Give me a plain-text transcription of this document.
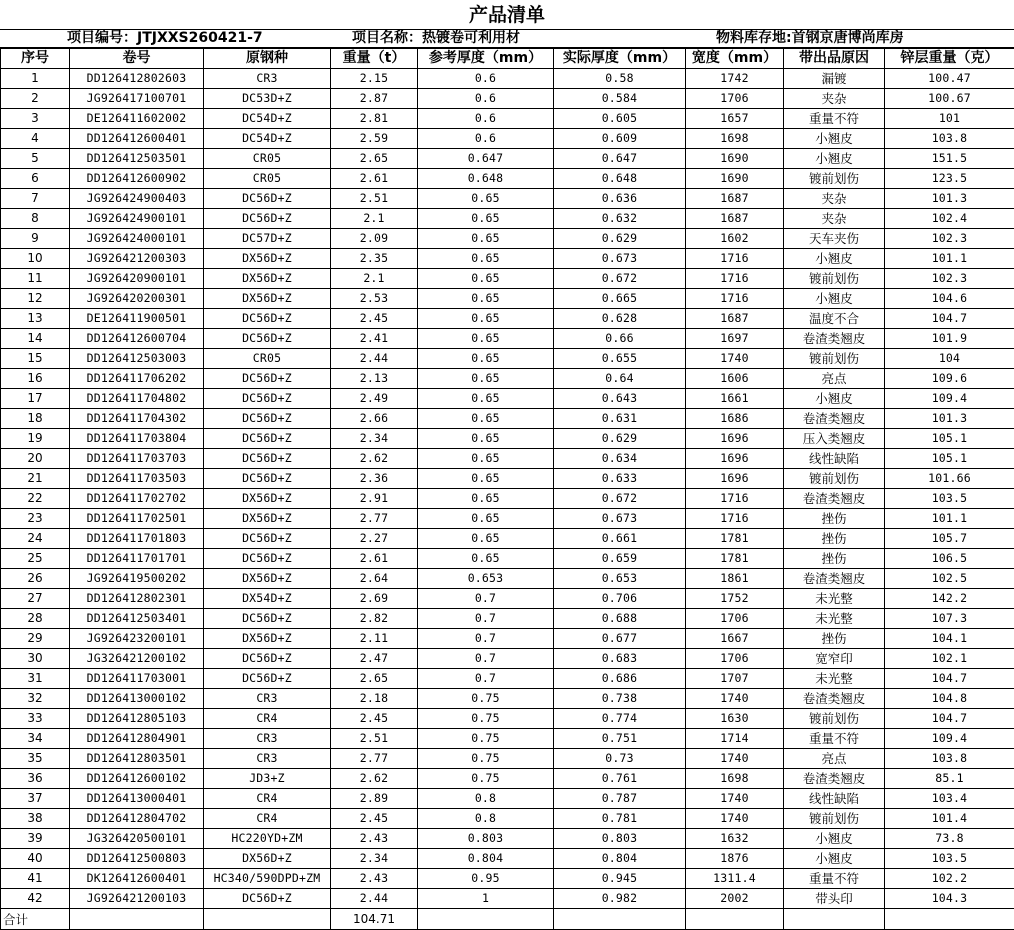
产品清单
项目编号：JTJXXS260421-7	项目名称：热镀卷可利用材	物料库存地:首钢京唐博尚库房
序号	卷号	原钢种	重量（t）	参考厚度（mm）	实际厚度（mm）	宽度（mm）	带出品原因	锌层重量（克）
1	DD126412802603	CR3	2.15	0.6	0.58	1742	漏镀	100.47
2	JG926417100701	DC53D+Z	2.87	0.6	0.584	1706	夹杂	100.67
3	DE126411602002	DC54D+Z	2.81	0.6	0.605	1657	重量不符	101
4	DD126412600401	DC54D+Z	2.59	0.6	0.609	1698	小翘皮	103.8
5	DD126412503501	CR05	2.65	0.647	0.647	1690	小翘皮	151.5
6	DD126412600902	CR05	2.61	0.648	0.648	1690	镀前划伤	123.5
7	JG926424900403	DC56D+Z	2.51	0.65	0.636	1687	夹杂	101.3
8	JG926424900101	DC56D+Z	2.1	0.65	0.632	1687	夹杂	102.4
9	JG926424000101	DC57D+Z	2.09	0.65	0.629	1602	天车夹伤	102.3
10	JG926421200303	DX56D+Z	2.35	0.65	0.673	1716	小翘皮	101.1
11	JG926420900101	DX56D+Z	2.1	0.65	0.672	1716	镀前划伤	102.3
12	JG926420200301	DX56D+Z	2.53	0.65	0.665	1716	小翘皮	104.6
13	DE126411900501	DC56D+Z	2.45	0.65	0.628	1687	温度不合	104.7
14	DD126412600704	DC56D+Z	2.41	0.65	0.66	1697	卷渣类翘皮	101.9
15	DD126412503003	CR05	2.44	0.65	0.655	1740	镀前划伤	104
16	DD126411706202	DC56D+Z	2.13	0.65	0.64	1606	亮点	109.6
17	DD126411704802	DC56D+Z	2.49	0.65	0.643	1661	小翘皮	109.4
18	DD126411704302	DC56D+Z	2.66	0.65	0.631	1686	卷渣类翘皮	101.3
19	DD126411703804	DC56D+Z	2.34	0.65	0.629	1696	压入类翘皮	105.1
20	DD126411703703	DC56D+Z	2.62	0.65	0.634	1696	线性缺陷	105.1
21	DD126411703503	DC56D+Z	2.36	0.65	0.633	1696	镀前划伤	101.66
22	DD126411702702	DX56D+Z	2.91	0.65	0.672	1716	卷渣类翘皮	103.5
23	DD126411702501	DX56D+Z	2.77	0.65	0.673	1716	挫伤	101.1
24	DD126411701803	DC56D+Z	2.27	0.65	0.661	1781	挫伤	105.7
25	DD126411701701	DC56D+Z	2.61	0.65	0.659	1781	挫伤	106.5
26	JG926419500202	DX56D+Z	2.64	0.653	0.653	1861	卷渣类翘皮	102.5
27	DD126412802301	DX54D+Z	2.69	0.7	0.706	1752	未光整	142.2
28	DD126412503401	DC56D+Z	2.82	0.7	0.688	1706	未光整	107.3
29	JG926423200101	DX56D+Z	2.11	0.7	0.677	1667	挫伤	104.1
30	JG326421200102	DC56D+Z	2.47	0.7	0.683	1706	宽窄印	102.1
31	DD126411703001	DC56D+Z	2.65	0.7	0.686	1707	未光整	104.7
32	DD126413000102	CR3	2.18	0.75	0.738	1740	卷渣类翘皮	104.8
33	DD126412805103	CR4	2.45	0.75	0.774	1630	镀前划伤	104.7
34	DD126412804901	CR3	2.51	0.75	0.751	1714	重量不符	109.4
35	DD126412803501	CR3	2.77	0.75	0.73	1740	亮点	103.8
36	DD126412600102	JD3+Z	2.62	0.75	0.761	1698	卷渣类翘皮	85.1
37	DD126413000401	CR4	2.89	0.8	0.787	1740	线性缺陷	103.4
38	DD126412804702	CR4	2.45	0.8	0.781	1740	镀前划伤	101.4
39	JG326420500101	HC220YD+ZM	2.43	0.803	0.803	1632	小翘皮	73.8
40	DD126412500803	DX56D+Z	2.34	0.804	0.804	1876	小翘皮	103.5
41	DK126412600401	HC340/590DPD+ZM	2.43	0.95	0.945	1311.4	重量不符	102.2
42	JG926421200103	DC56D+Z	2.44	1	0.982	2002	带头印	104.3
合计			104.71					
